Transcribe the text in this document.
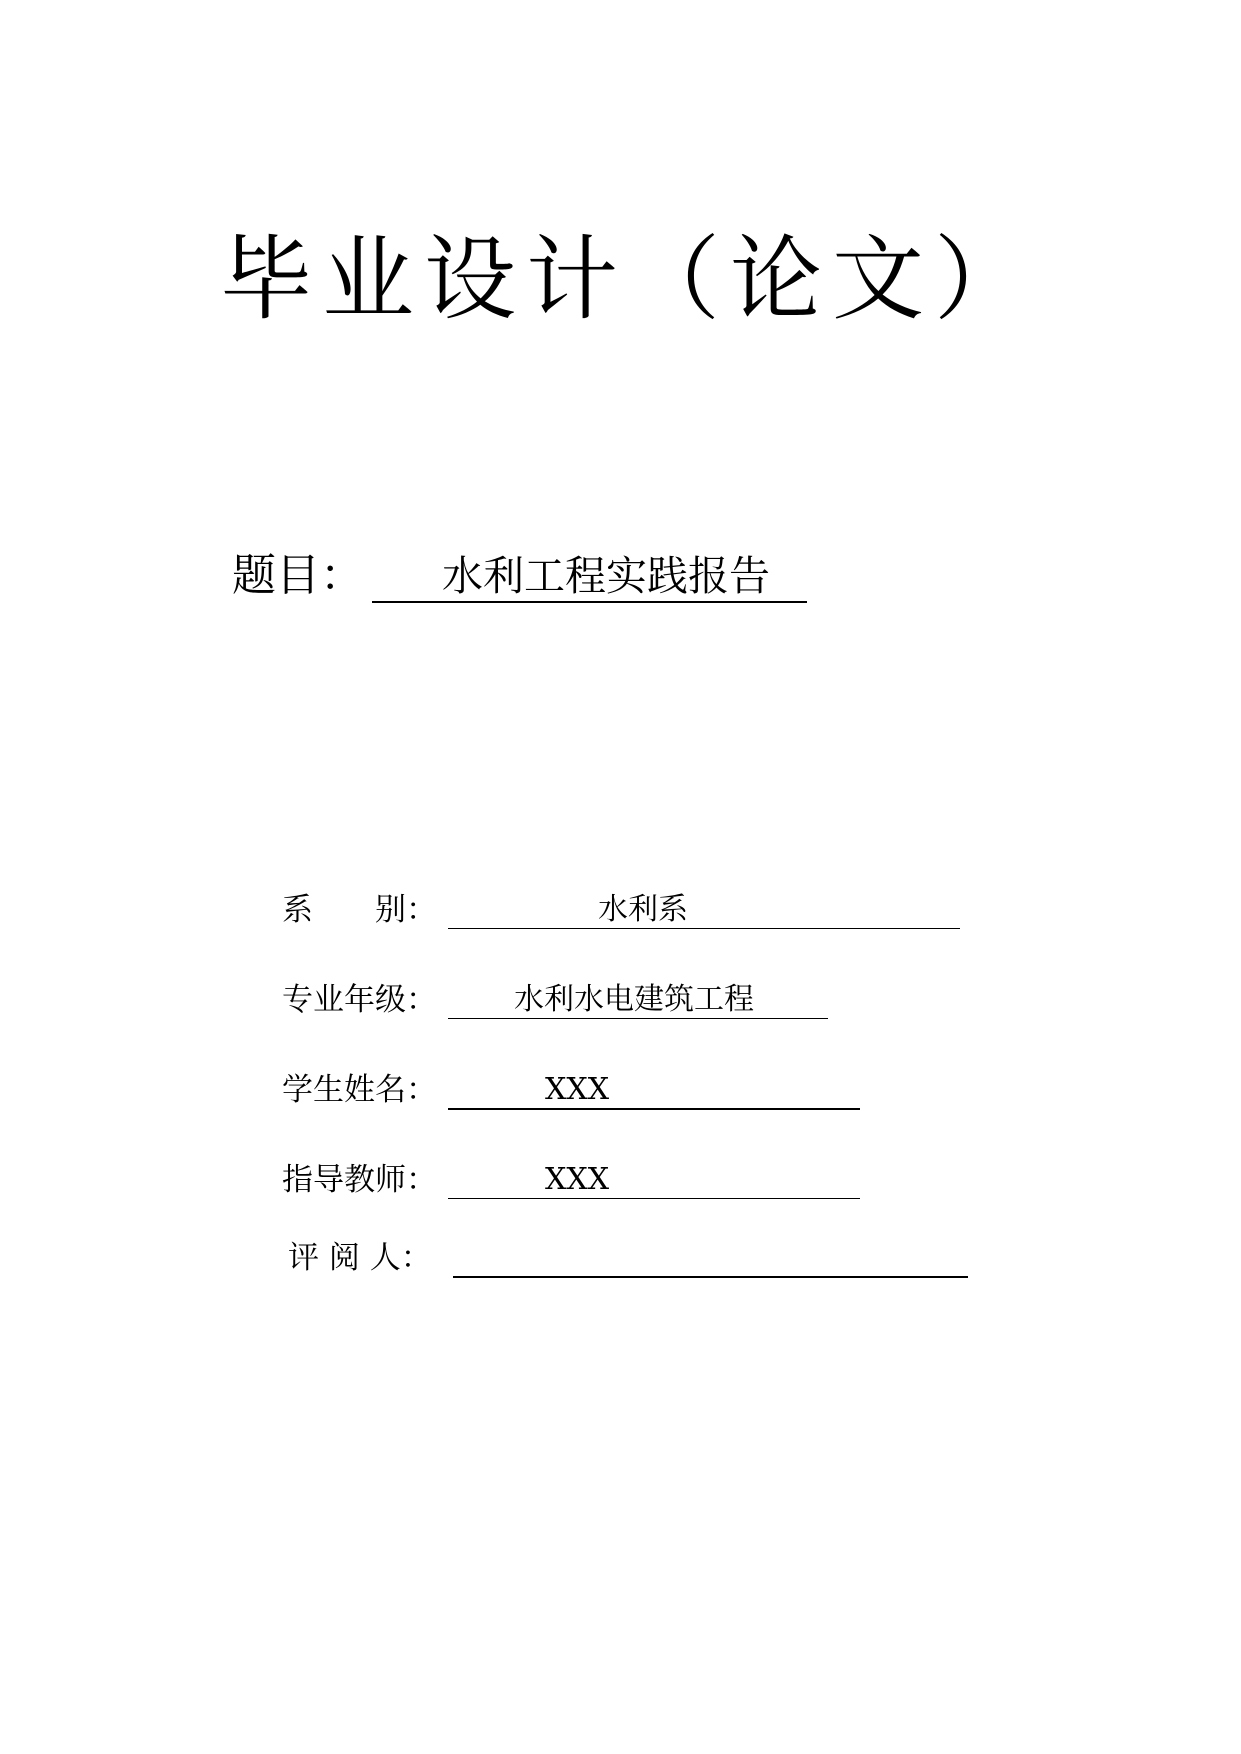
毕业设计（论文）
题目： 水利工程实践报告
系　　别：	水利系
专业年级：	水利水电建筑工程
学生姓名：	XXX
指导教师：	XXX
评 阅 人：
